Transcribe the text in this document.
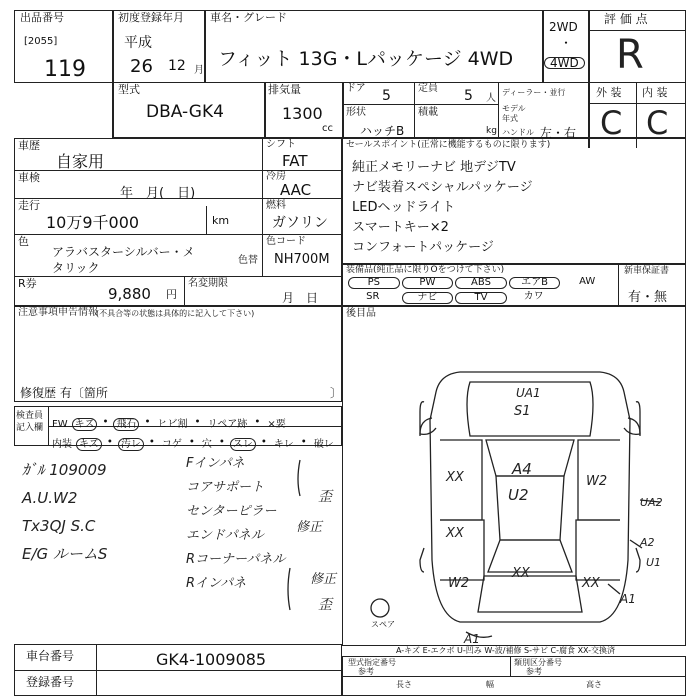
出品番号
[2055]
119
初度登録年月
平成
26 12 月
車名・グレード
フィット 13G・Lパッケージ 4WD
2WD
・
4WD
評 価 点
R
型式
DBA-GK4
排気量
1300
cc
ドア 5	定員 5 人
ディーラー・並行
モデル年式
形状
ハッチB
積載
kg ハンドル 左・右
外 装 内 装
C C
車歴
自家用
車検
年　月(　日)
走行
10万9千000	km
色
アラバスターシルバー・メタリック
色替
R券
9,880 円
名変期限
月　日
シフト
FAT
冷房
AAC
燃料
ガソリン
色コード
NH700M
セールスポイント(正常に機能するものに限ります)
純正メモリーナビ 地デジTV
ナビ装着スペシャルパッケージ
LEDヘッドライト
スマートキー×2
コンフォートパッケージ
装備品(純正品に限りOをつけて下さい)
PS	PW	ABS	エアB	AW
SR	ナビ	TV	カワ
新車保証書
有・無
注意事項申告情報
(不具合等の状態は具体的に記入して下さい)
修復歴 有〔箇所	〕
後目品
検査員記入欄 FW キズ ・ 飛石 ・ ヒビ割 ・ リペア跡 ・ ×要
内装 キズ ・ 汚レ ・ コゲ ・ 穴 ・ スレ ・ キレ ・ 破レ
ｶﾞﾙ 109009
A.U.W2
Tx3QJ S.C
E/G ルームS
Fインパネ
コアサポート
センターピラー
エンドパネル
Rコーナーパネル
Rインパネ
歪
修正
修正
歪
UA1
S1
XX	A4
U2
W2
XX
W2
XX
XX
UA2
A2
U1
A1
A1
スペア
A-キズ E-エクボ U-凹み W-波/補修 S-サビ C-腐食 XX-交換済
車台番号	GK4-1009085
登録番号
型式指定番号
参考
類別区分番号
参考
長さ	幅	高さ
